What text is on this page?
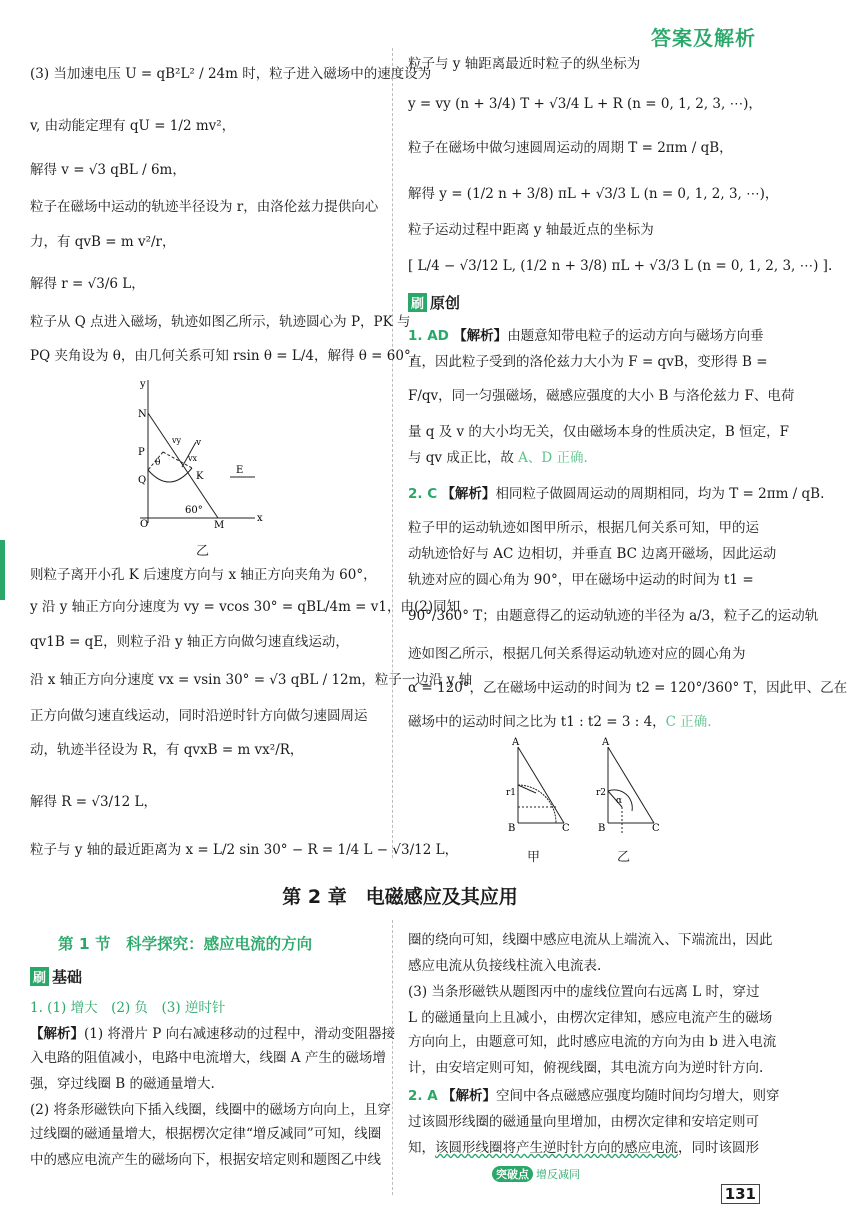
答案及解析
(3) 当加速电压 U = qB²L² / 24m 时，粒子进入磁场中的速度设为
v, 由动能定理有 qU = 1/2 mv²，
解得 v = √3 qBL / 6m，
粒子在磁场中运动的轨迹半径设为 r，由洛伦兹力提供向心
力，有 qvB = m v²/r，
解得 r = √3/6 L，
粒子从 Q 点进入磁场，轨迹如图乙所示，轨迹圆心为 P，PK 与
PQ 夹角设为 θ，由几何关系可知 rsin θ = L/4，解得 θ = 60°，
则粒子离开小孔 K 后速度方向与 x 轴正方向夹角为 60°，
y 沿 y 轴正方向分速度为 vy = vcos 30° = qBL/4m = v1，由(2)同知
qv1B = qE，则粒子沿 y 轴正方向做匀速直线运动，
沿 x 轴正方向分速度 vx = vsin 30° = √3 qBL / 12m，粒子一边沿 y 轴
正方向做匀速直线运动，同时沿逆时针方向做匀速圆周运
动，轨迹半径设为 R，有 qvxB = m vx²/R，
解得 R = √3/12 L，
粒子与 y 轴的最近距离为 x = L/2 sin 30° − R = 1/4 L − √3/12 L，
y
x
N
P
Q	K
O	M
E
60°
θ
v
vy
vx
乙
粒子与 y 轴距离最近时粒子的纵坐标为
y = vy (n + 3/4) T + √3/4 L + R (n = 0, 1, 2, 3, ⋯)，
粒子在磁场中做匀速圆周运动的周期 T = 2πm / qB，
解得 y = (1/2 n + 3/8) πL + √3/3 L (n = 0, 1, 2, 3, ⋯)，
粒子运动过程中距离 y 轴最近点的坐标为
[ L/4 − √3/12 L, (1/2 n + 3/8) πL + √3/3 L (n = 0, 1, 2, 3, ⋯) ].
刷 原创
1. AD 【解析】由题意知带电粒子的运动方向与磁场方向垂
直，因此粒子受到的洛伦兹力大小为 F = qvB，变形得 B =
F/qv，同一匀强磁场，磁感应强度的大小 B 与洛伦兹力 F、电荷
量 q 及 v 的大小均无关，仅由磁场本身的性质决定，B 恒定，F
与 qv 成正比，故 A、D 正确.
2. C 【解析】相同粒子做圆周运动的周期相同，均为 T = 2πm / qB.
粒子甲的运动轨迹如图甲所示，根据几何关系可知，甲的运
动轨迹恰好与 AC 边相切，并垂直 BC 边离开磁场，因此运动
轨迹对应的圆心角为 90°，甲在磁场中运动的时间为 t1 =
90°/360° T；由题意得乙的运动轨迹的半径为 a/3，粒子乙的运动轨
迹如图乙所示，根据几何关系得运动轨迹对应的圆心角为
α = 120°，乙在磁场中运动的时间为 t2 = 120°/360° T，因此甲、乙在
磁场中的运动时间之比为 t1 : t2 = 3 : 4，C 正确.
A
B	C
r1
A
B	C
r2
α
甲	乙
第 2 章　电磁感应及其应用
第 1 节　科学探究：感应电流的方向
刷 基础
1. (1) 增大　(2) 负　(3) 逆时针
【解析】(1) 将滑片 P 向右减速移动的过程中，滑动变阻器接
入电路的阻值减小，电路中电流增大，线圈 A 产生的磁场增
强，穿过线圈 B 的磁通量增大.
(2) 将条形磁铁向下插入线圈，线圈中的磁场方向向上，且穿
过线圈的磁通量增大，根据楞次定律“增反减同”可知，线圈
中的感应电流产生的磁场向下，根据安培定则和题图乙中线
圈的绕向可知，线圈中感应电流从上端流入、下端流出，因此
感应电流从负接线柱流入电流表.
(3) 当条形磁铁从题图丙中的虚线位置向右远离 L 时，穿过
L 的磁通量向上且减小，由楞次定律知，感应电流产生的磁场
方向向上，由题意可知，此时感应电流的方向为由 b 进入电流
计，由安培定则可知，俯视线圈，其电流方向为逆时针方向.
2. A 【解析】空间中各点磁感应强度均随时间均匀增大，则穿
过该圆形线圈的磁通量向里增加，由楞次定律和安培定则可
知，该圆形线圈将产生逆时针方向的感应电流，同时该圆形
突破点 增反减同
131
